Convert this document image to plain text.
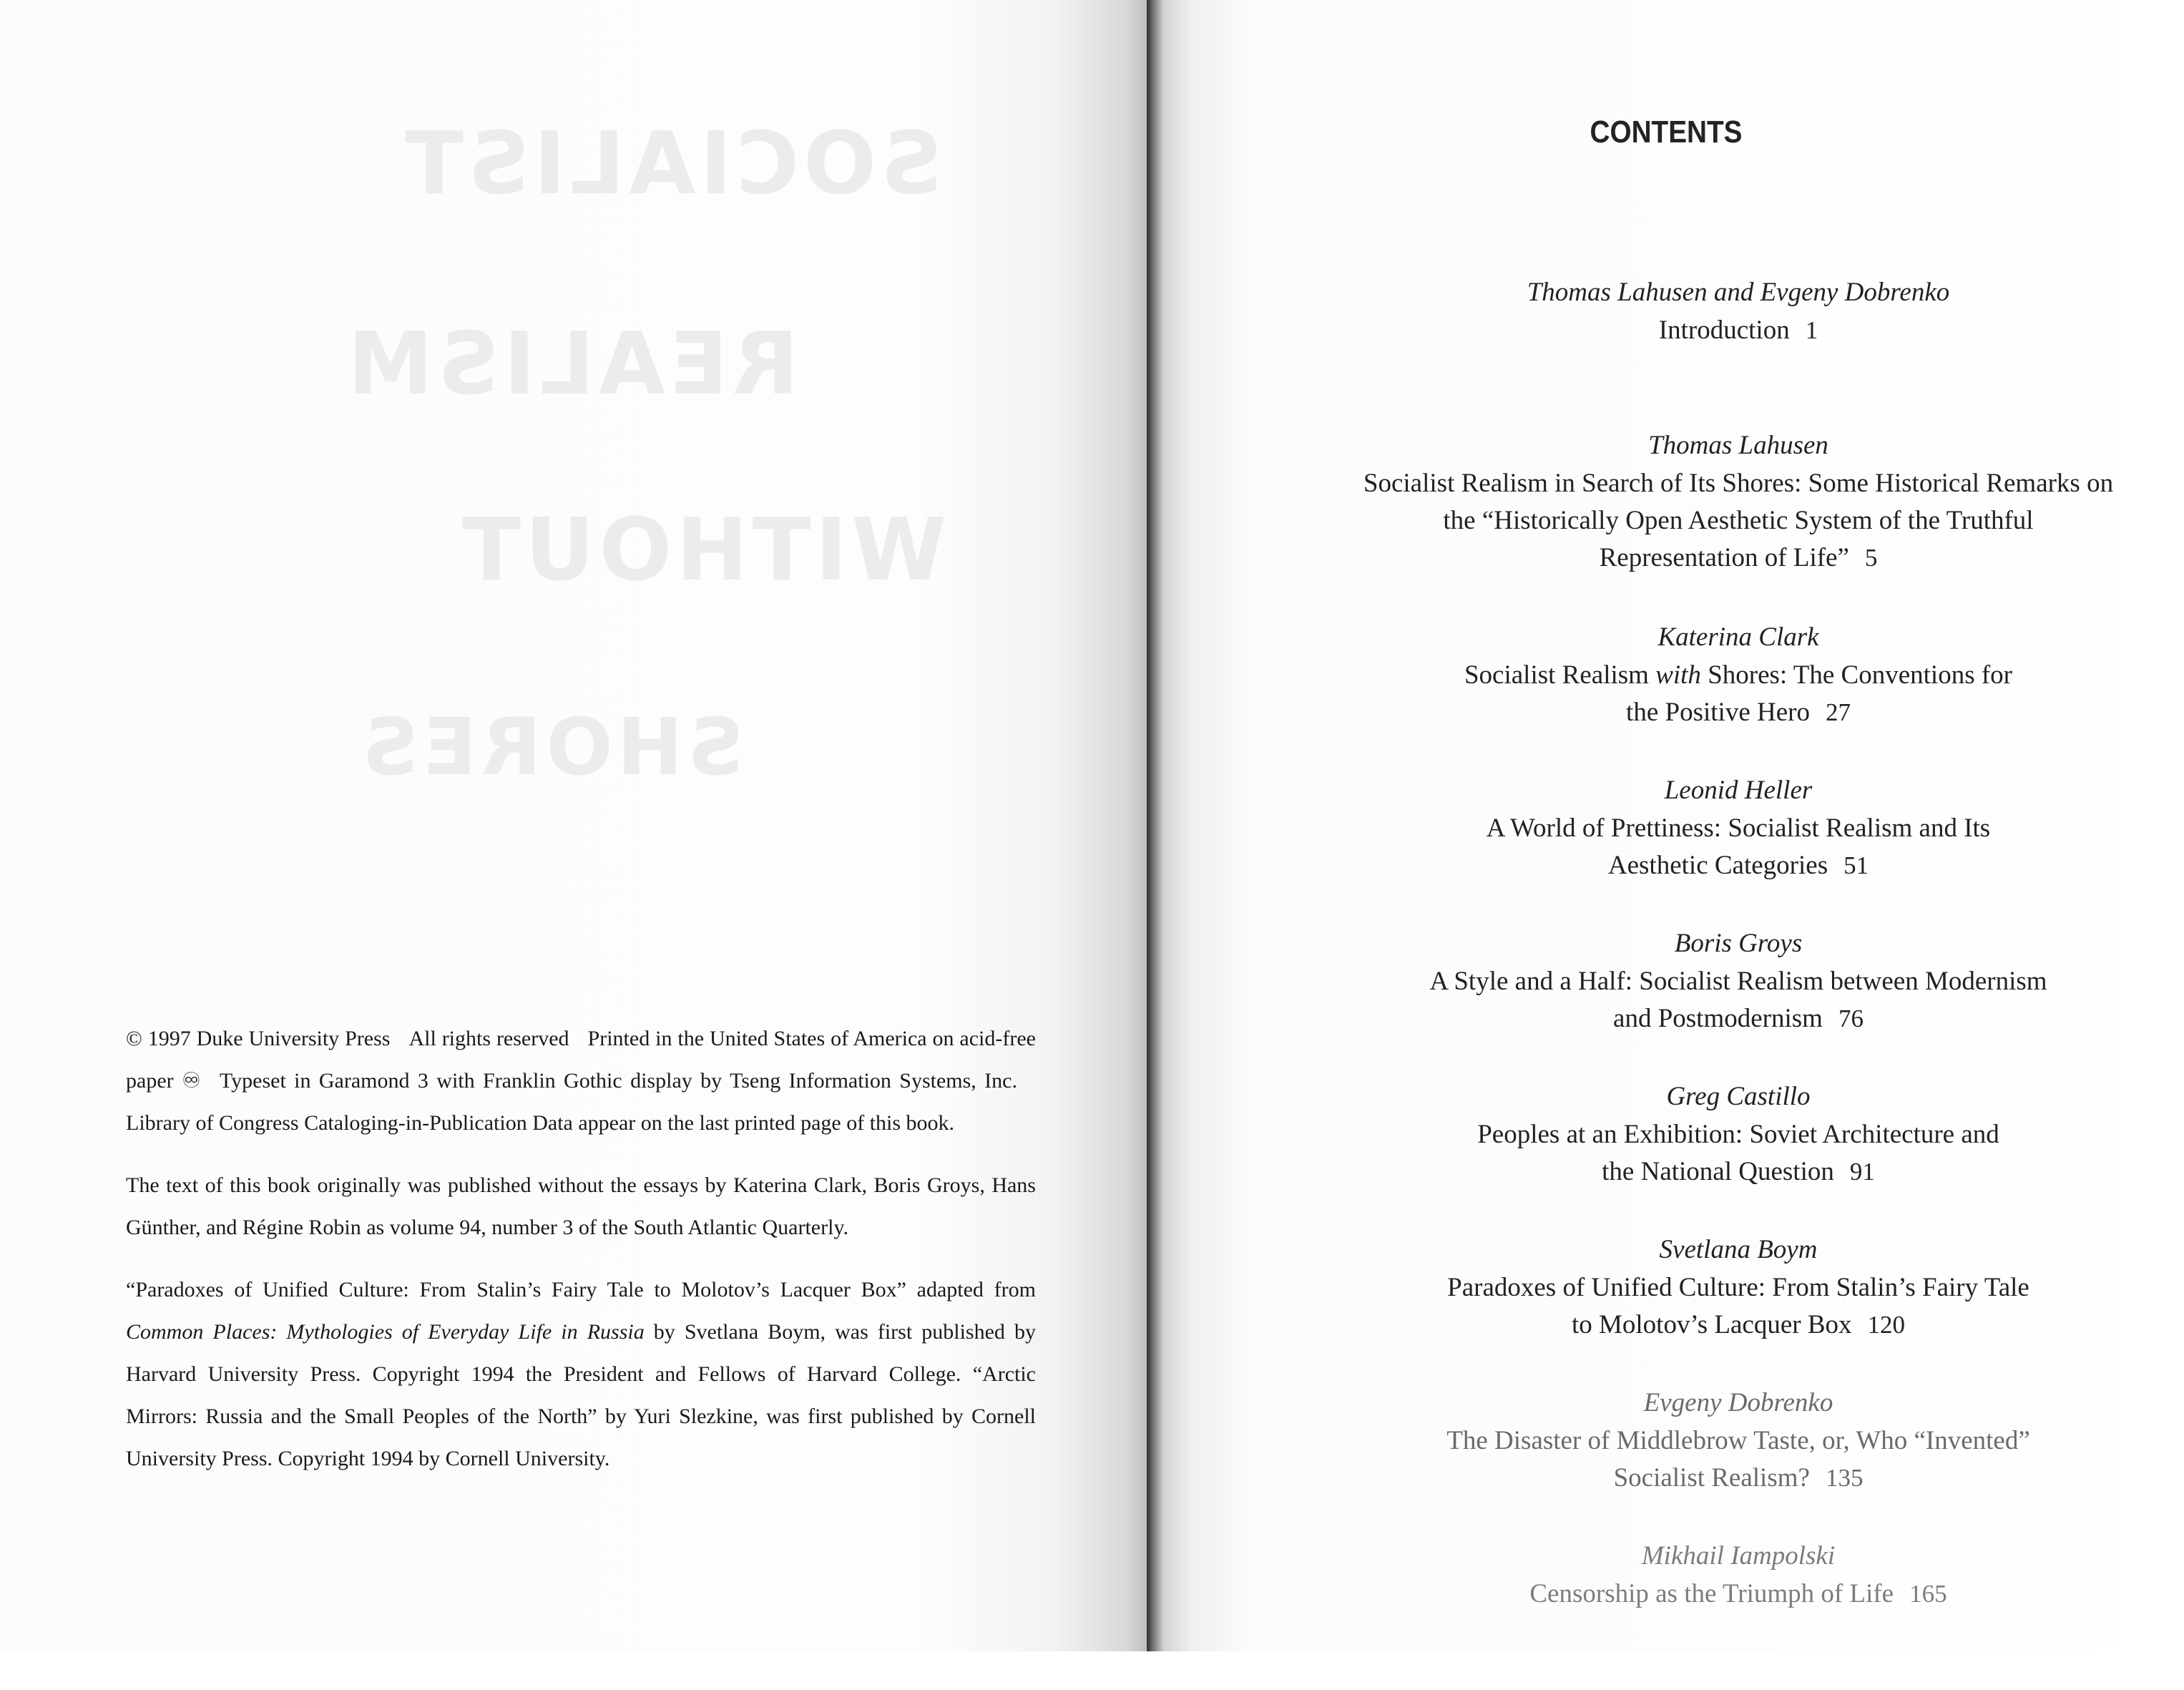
SOCIALIST
REALISM
WITHOUT
SHORES

© 1997 Duke University Press All rights reserved Printed in the United States of America on acid-free paper ♾ Typeset in Garamond 3 with Franklin Gothic display by Tseng Information Systems, Inc.Library of Congress Cataloging-in-Publication Data appear on the last printed page of this book.

The text of this book originally was published without the essays by Katerina Clark, Boris Groys, Hans Günther, and Régine Robin as volume 94, number 3 of the South Atlantic Quarterly.

“Paradoxes of Unified Culture: From Stalin’s Fairy Tale to Molotov’s Lacquer Box” adapted from Common Places: Mythologies of Everyday Life in Russia by Svetlana Boym, was first published by Harvard University Press. Copyright 1994 the President and Fellows of Harvard College. “Arctic Mirrors: Russia and the Small Peoples of the North” by Yuri Slezkine, was first published by Cornell University Press. Copyright 1994 by Cornell University.

CONTENTS
Thomas Lahusen and Evgeny Dobrenko
Introduction 1
Thomas Lahusen
Socialist Realism in Search of Its Shores: Some Historical Remarks on
the “Historically Open Aesthetic System of the Truthful
Representation of Life” 5
Katerina Clark
Socialist Realism with Shores: The Conventions for
the Positive Hero 27
Leonid Heller
A World of Prettiness: Socialist Realism and Its
Aesthetic Categories 51
Boris Groys
A Style and a Half: Socialist Realism between Modernism
and Postmodernism 76
Greg Castillo
Peoples at an Exhibition: Soviet Architecture and
the National Question 91
Svetlana Boym
Paradoxes of Unified Culture: From Stalin’s Fairy Tale
to Molotov’s Lacquer Box 120
Evgeny Dobrenko
The Disaster of Middlebrow Taste, or, Who “Invented”
Socialist Realism? 135
Mikhail Iampolski
Censorship as the Triumph of Life 165
